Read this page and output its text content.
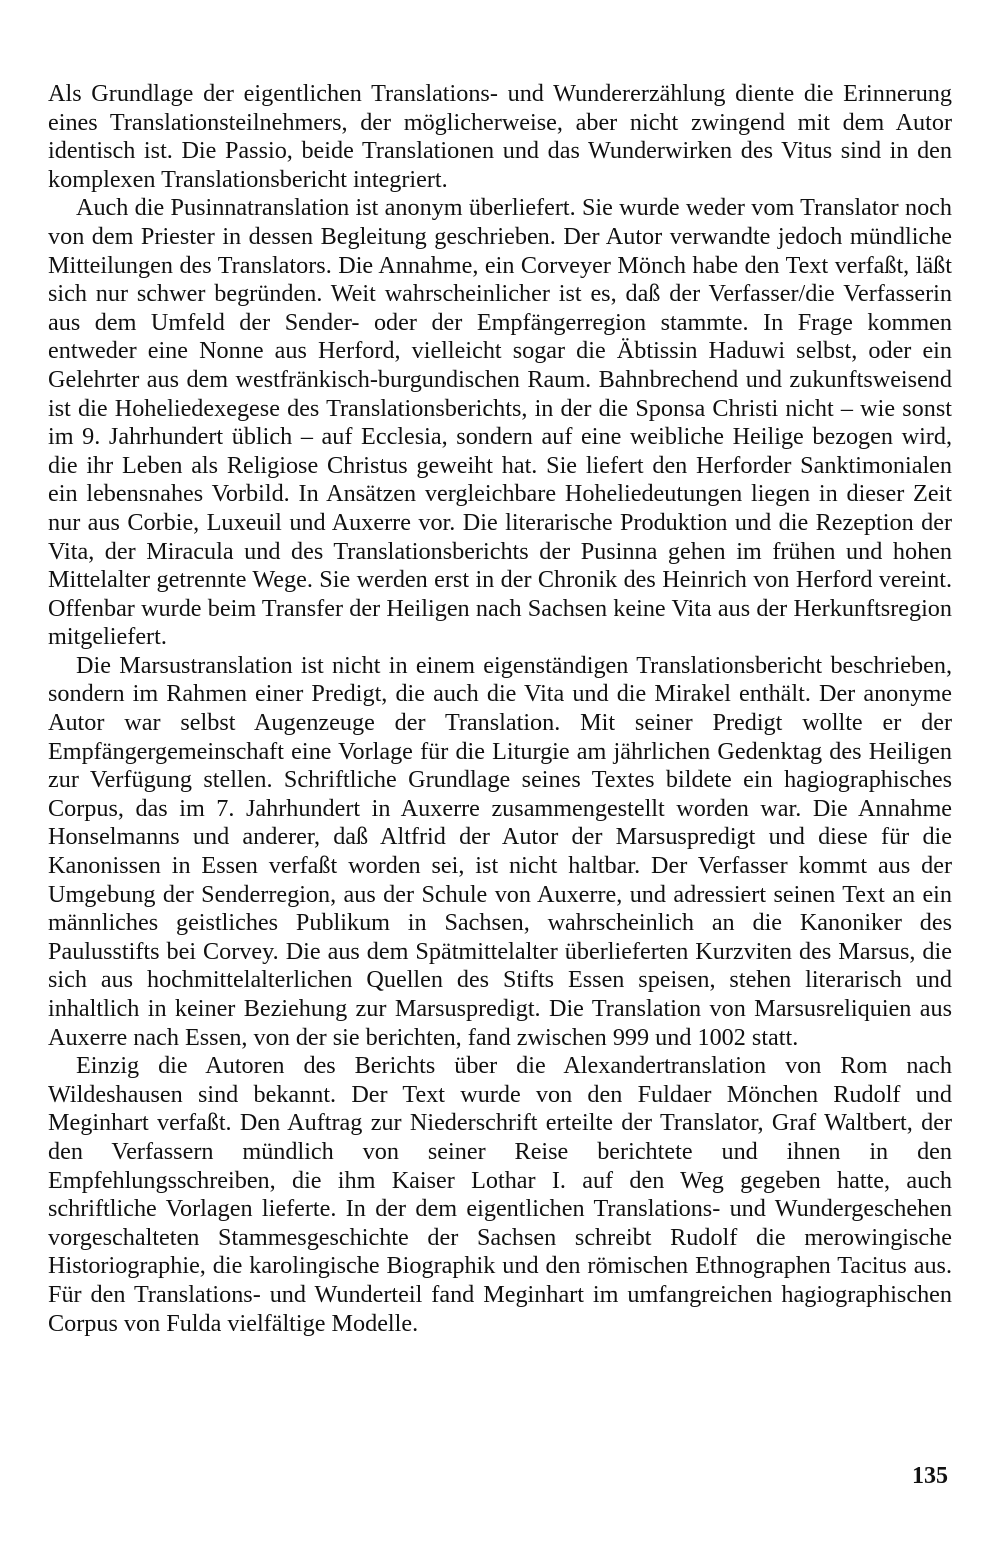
Als Grundlage der eigentlichen Translations- und Wundererzählung diente die Erinnerung eines Translationsteilnehmers, der möglicherweise, aber nicht zwingend mit dem Autor identisch ist. Die Passio, beide Translationen und das Wunderwirken des Vitus sind in den komplexen Translationsbericht integriert.

Auch die Pusinnatranslation ist anonym überliefert. Sie wurde weder vom Translator noch von dem Priester in dessen Begleitung geschrieben. Der Autor verwandte jedoch mündliche Mitteilungen des Translators. Die Annahme, ein Corveyer Mönch habe den Text verfaßt, läßt sich nur schwer begründen. Weit wahrscheinlicher ist es, daß der Verfasser/die Verfasserin aus dem Umfeld der Sender- oder der Empfängerregion stammte. In Frage kommen entweder eine Nonne aus Herford, vielleicht sogar die Äbtissin Haduwi selbst, oder ein Gelehrter aus dem westfränkisch-burgundischen Raum. Bahnbrechend und zukunftsweisend ist die Hoheliedexegese des Translationsberichts, in der die Sponsa Christi nicht – wie sonst im 9. Jahrhundert üblich – auf Ecclesia, sondern auf eine weibliche Heilige bezogen wird, die ihr Leben als Religiose Christus geweiht hat. Sie liefert den Herforder Sanktimonialen ein lebensnahes Vorbild. In Ansätzen vergleichbare Hoheliedeutungen liegen in dieser Zeit nur aus Corbie, Luxeuil und Auxerre vor. Die literarische Produktion und die Rezeption der Vita, der Miracula und des Translationsberichts der Pusinna gehen im frühen und hohen Mittelalter getrennte Wege. Sie werden erst in der Chronik des Heinrich von Herford vereint. Offenbar wurde beim Transfer der Heiligen nach Sachsen keine Vita aus der Herkunftsregion mitgeliefert.

Die Marsustranslation ist nicht in einem eigenständigen Translationsbericht beschrieben, sondern im Rahmen einer Predigt, die auch die Vita und die Mirakel enthält. Der anonyme Autor war selbst Augenzeuge der Translation. Mit seiner Predigt wollte er der Empfängergemeinschaft eine Vorlage für die Liturgie am jährlichen Gedenktag des Heiligen zur Verfügung stellen. Schriftliche Grundlage seines Textes bildete ein hagiographisches Corpus, das im 7. Jahrhundert in Auxerre zusammengestellt worden war. Die Annahme Honselmanns und anderer, daß Altfrid der Autor der Marsuspredigt und diese für die Kanonissen in Essen verfaßt worden sei, ist nicht haltbar. Der Verfasser kommt aus der Umgebung der Senderregion, aus der Schule von Auxerre, und adressiert seinen Text an ein männliches geistliches Publikum in Sachsen, wahrscheinlich an die Kanoniker des Paulusstifts bei Corvey. Die aus dem Spätmittelalter überlieferten Kurzviten des Marsus, die sich aus hochmittelalterlichen Quellen des Stifts Essen speisen, stehen literarisch und inhaltlich in keiner Beziehung zur Marsuspredigt. Die Translation von Marsusreliquien aus Auxerre nach Essen, von der sie berichten, fand zwischen 999 und 1002 statt.

Einzig die Autoren des Berichts über die Alexandertranslation von Rom nach Wildeshausen sind bekannt. Der Text wurde von den Fuldaer Mönchen Rudolf und Meginhart verfaßt. Den Auftrag zur Niederschrift erteilte der Translator, Graf Waltbert, der den Verfassern mündlich von seiner Reise berichtete und ihnen in den Empfehlungsschreiben, die ihm Kaiser Lothar I. auf den Weg gegeben hatte, auch schriftliche Vorlagen lieferte. In der dem eigentlichen Translations- und Wundergeschehen vorgeschalteten Stammesgeschichte der Sachsen schreibt Rudolf die merowingische Historiographie, die karolingische Biographik und den römischen Ethnographen Tacitus aus. Für den Translations- und Wunderteil fand Meginhart im umfangreichen hagiographischen Corpus von Fulda vielfältige Modelle.

135
